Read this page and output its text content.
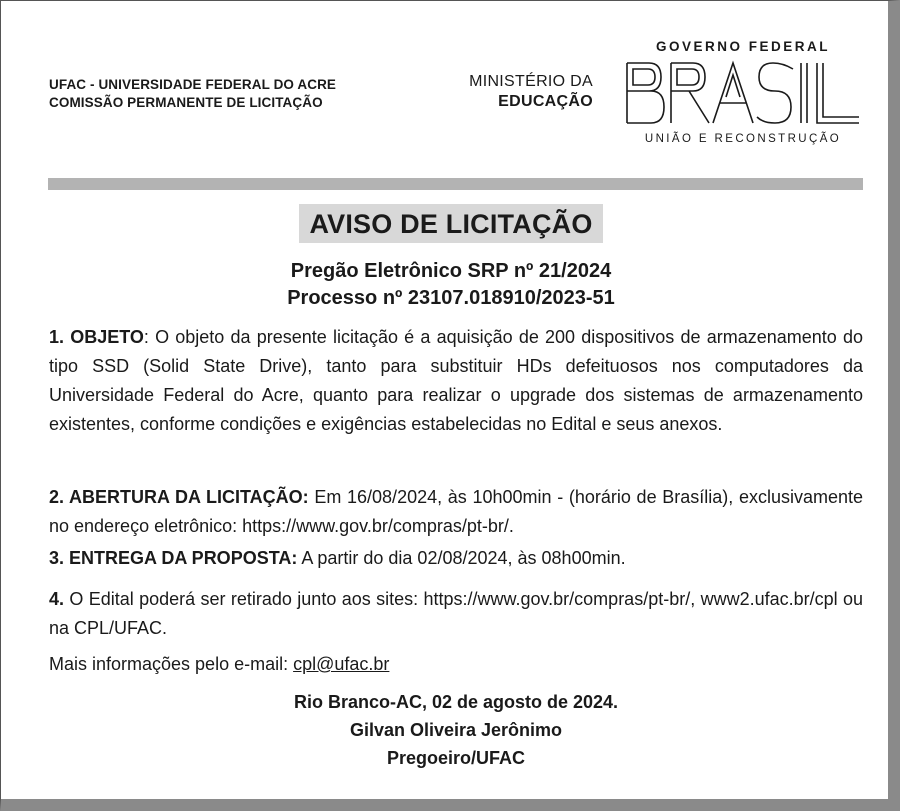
UFAC - UNIVERSIDADE FEDERAL DO ACRE
COMISSÃO PERMANENTE DE LICITAÇÃO
MINISTÉRIO DA
EDUCAÇÃO
GOVERNO FEDERAL
UNIÃO E RECONSTRUÇÃO
AVISO DE LICITAÇÃO
Pregão Eletrônico SRP nº 21/2024
Processo nº 23107.018910/2023-51
1. OBJETO: O objeto da presente licitação é a aquisição de 200 dispositivos de armazenamento do tipo SSD (Solid State Drive), tanto para substituir HDs defeituosos nos computadores da Universidade Federal do Acre, quanto para realizar o upgrade dos sistemas de armazenamento existentes, conforme condições e exigências estabelecidas no Edital e seus anexos.
2. ABERTURA DA LICITAÇÃO: Em 16/08/2024, às 10h00min - (horário de Brasília), exclusivamente no endereço eletrônico: https://www.gov.br/compras/pt-br/.
3. ENTREGA DA PROPOSTA: A partir do dia 02/08/2024, às 08h00min.
4. O Edital poderá ser retirado junto aos sites: https://www.gov.br/compras/pt-br/, www2.ufac.br/cpl ou na CPL/UFAC.
Mais informações pelo e-mail: cpl@ufac.br
Rio Branco-AC, 02 de agosto de 2024.
Gilvan Oliveira Jerônimo
Pregoeiro/UFAC
